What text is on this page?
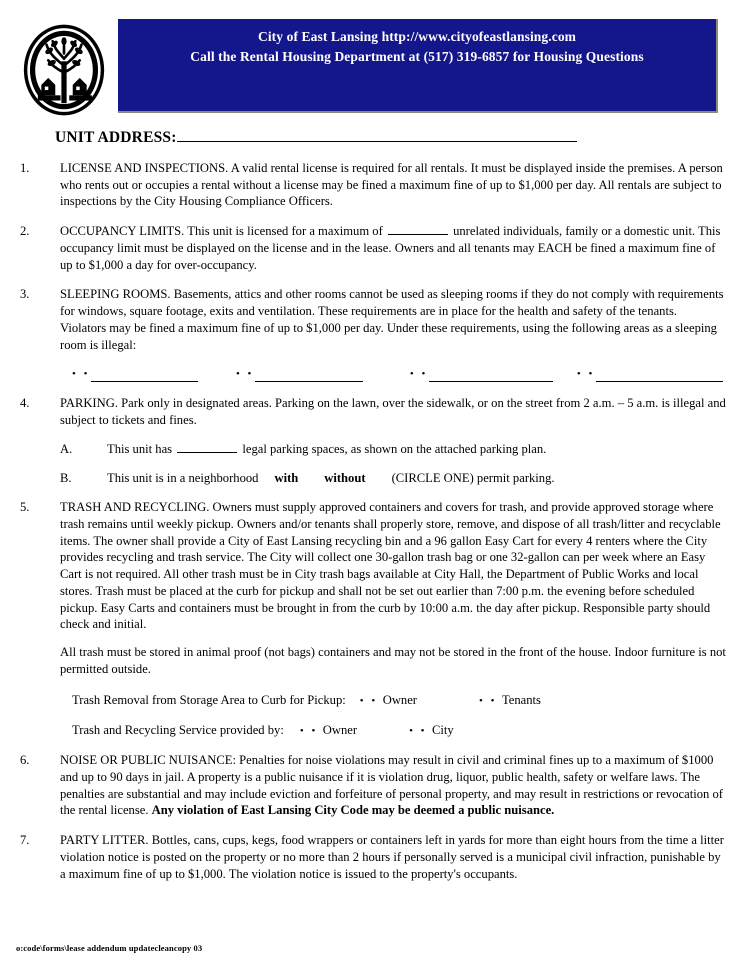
City of East Lansing http://www.cityofeastlansing.com
Call the Rental Housing Department at (517) 319-6857 for Housing Questions
UNIT ADDRESS:
1.	LICENSE AND INSPECTIONS. A valid rental license is required for all rentals. It must be displayed inside the premises. A person who rents out or occupies a rental without a license may be fined a maximum fine of up to $1,000 per day. All rentals are subject to inspections by the City Housing Compliance Officers.

2.	OCCUPANCY LIMITS. This unit is licensed for a maximum of	unrelated individuals, family or a domestic unit. This occupancy limit must be displayed on the license and in the lease. Owners and all tenants may EACH be fined a maximum fine of up to $1,000 a day for over-occupancy.

3.	SLEEPING ROOMS. Basements, attics and other rooms cannot be used as sleeping rooms if they do not comply with requirements for windows, square footage, exits and ventilation. These requirements are in place for the health and safety of the tenants. Violators may be fined a maximum fine of up to $1,000 per day. Under these requirements, using the following areas as a sleeping room is illegal:

• •	• •	• •	• •
4.	PARKING. Park only in designated areas. Parking on the lawn, over the sidewalk, or on the street from 2 a.m. – 5 a.m. is illegal and subject to tickets and fines.

A.	This unit has	legal parking spaces, as shown on the attached parking plan.
B.	This unit is in a neighborhood with without (CIRCLE ONE) permit parking.
5.	TRASH AND RECYCLING. Owners must supply approved containers and covers for trash, and provide approved storage where trash remains until weekly pickup. Owners and/or tenants shall properly store, remove, and dispose of all trash/litter and recyclable items. The owner shall provide a City of East Lansing recycling bin and a 96 gallon Easy Cart for every 4 renters where the City provides recycling and trash service. The City will collect one 30-gallon trash bag or one 32-gallon can per week where an Easy Cart is not required. All other trash must be in City trash bags available at City Hall, the Department of Public Works and local stores. Trash must be placed at the curb for pickup and shall not be set out earlier than 7:00 p.m. the evening before scheduled pickup. Easy Carts and containers must be brought in from the curb by 10:00 a.m. the day after pickup. Responsible party should check and initial.

All trash must be stored in animal proof (not bags) containers and may not be stored in the front of the house. Indoor furniture is not permitted outside.

Trash Removal from Storage Area to Curb for Pickup: • • Owner	• • Tenants
Trash and Recycling Service provided by: • • Owner	• • City
6.	NOISE OR PUBLIC NUISANCE: Penalties for noise violations may result in civil and criminal fines up to a maximum of $1000 and up to 90 days in jail. A property is a public nuisance if it is violation drug, liquor, public health, safety or welfare laws. The penalties are substantial and may include eviction and forfeiture of personal property, and may result in restrictions or revocation of the rental license. Any violation of East Lansing City Code may be deemed a public nuisance.

7.	PARTY LITTER. Bottles, cans, cups, kegs, food wrappers or containers left in yards for more than eight hours from the time a litter violation notice is posted on the property or no more than 2 hours if personally served is a municipal civil infraction, punishable by a maximum fine of up to $1,000. The violation notice is issued to the property's occupants.

o:code\forms\lease addendum updatecleancopy 03
